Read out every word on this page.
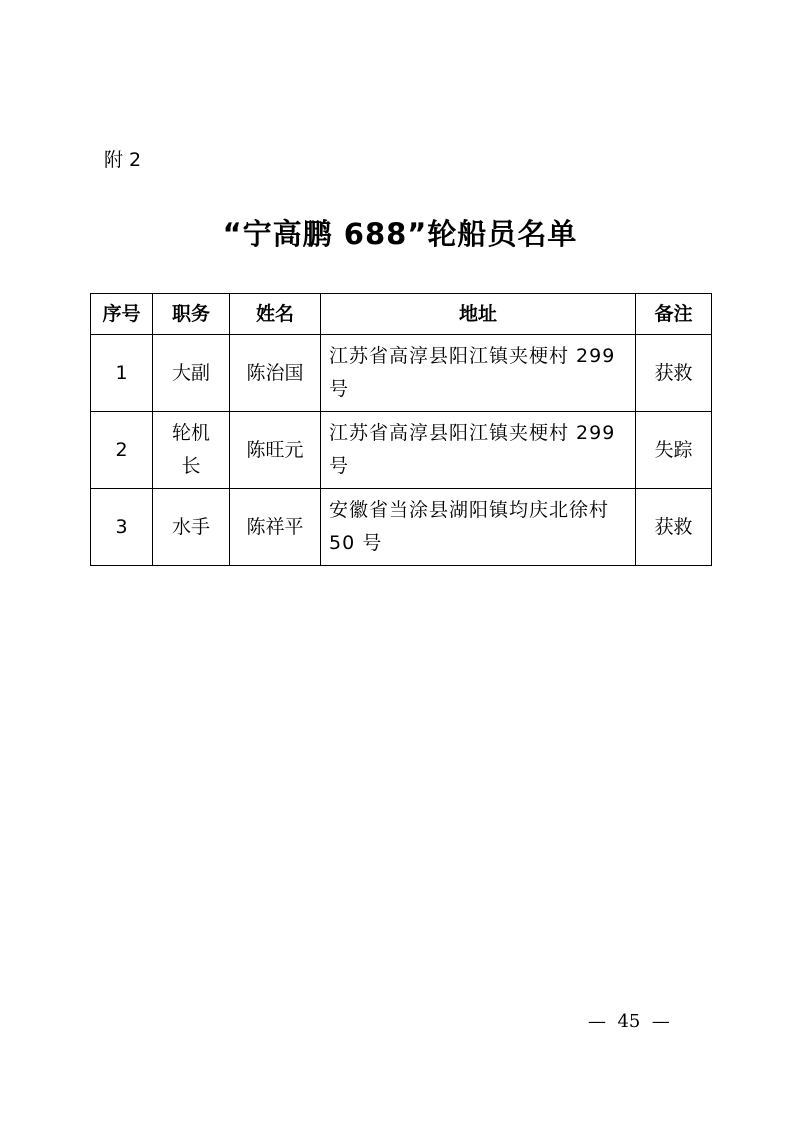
附 2
“宁高鹏 688”轮船员名单
序号	职务	姓名	地址	备注
1	大副	陈治国	江苏省高淳县阳江镇夹梗村 299 号	获救
2	轮机长	陈旺元	江苏省高淳县阳江镇夹梗村 299 号	失踪
3	水手	陈祥平	安徽省当涂县湖阳镇均庆北徐村 50 号	获救
—  45  —
